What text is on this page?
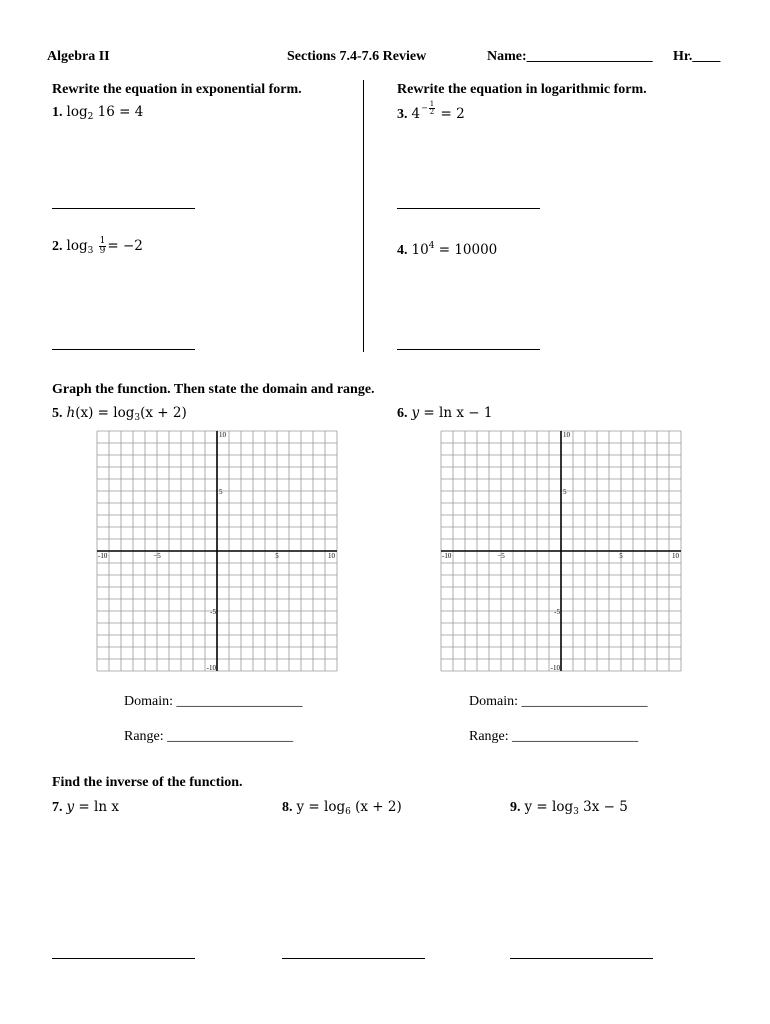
Algebra II	Sections 7.4-7.6 Review	Name:__________________ Hr.____
Rewrite the equation in exponential form.	Rewrite the equation in logarithmic form.
1. $\log_2 16 = 4$
2. $\log_3 \frac{1}{9} = -2$
3. $4- \frac{1}{2} = 2$
4. $10^4 = 10000$
Graph the function. Then state the domain and range.
5. $h(x) = \log_3(x + 2)$	6. y = ln x − 1
10
5
-10	−5	5	10
-5
-10
10
5
-10	−5	5	10
-5
-10
Domain: __________________
Range: __________________
Domain: __________________
Range: __________________
Find the inverse of the function.
7. y = ln x	8. $y = \log_6 (x + 2)$	9. $y = \log_3 3x - 5$
